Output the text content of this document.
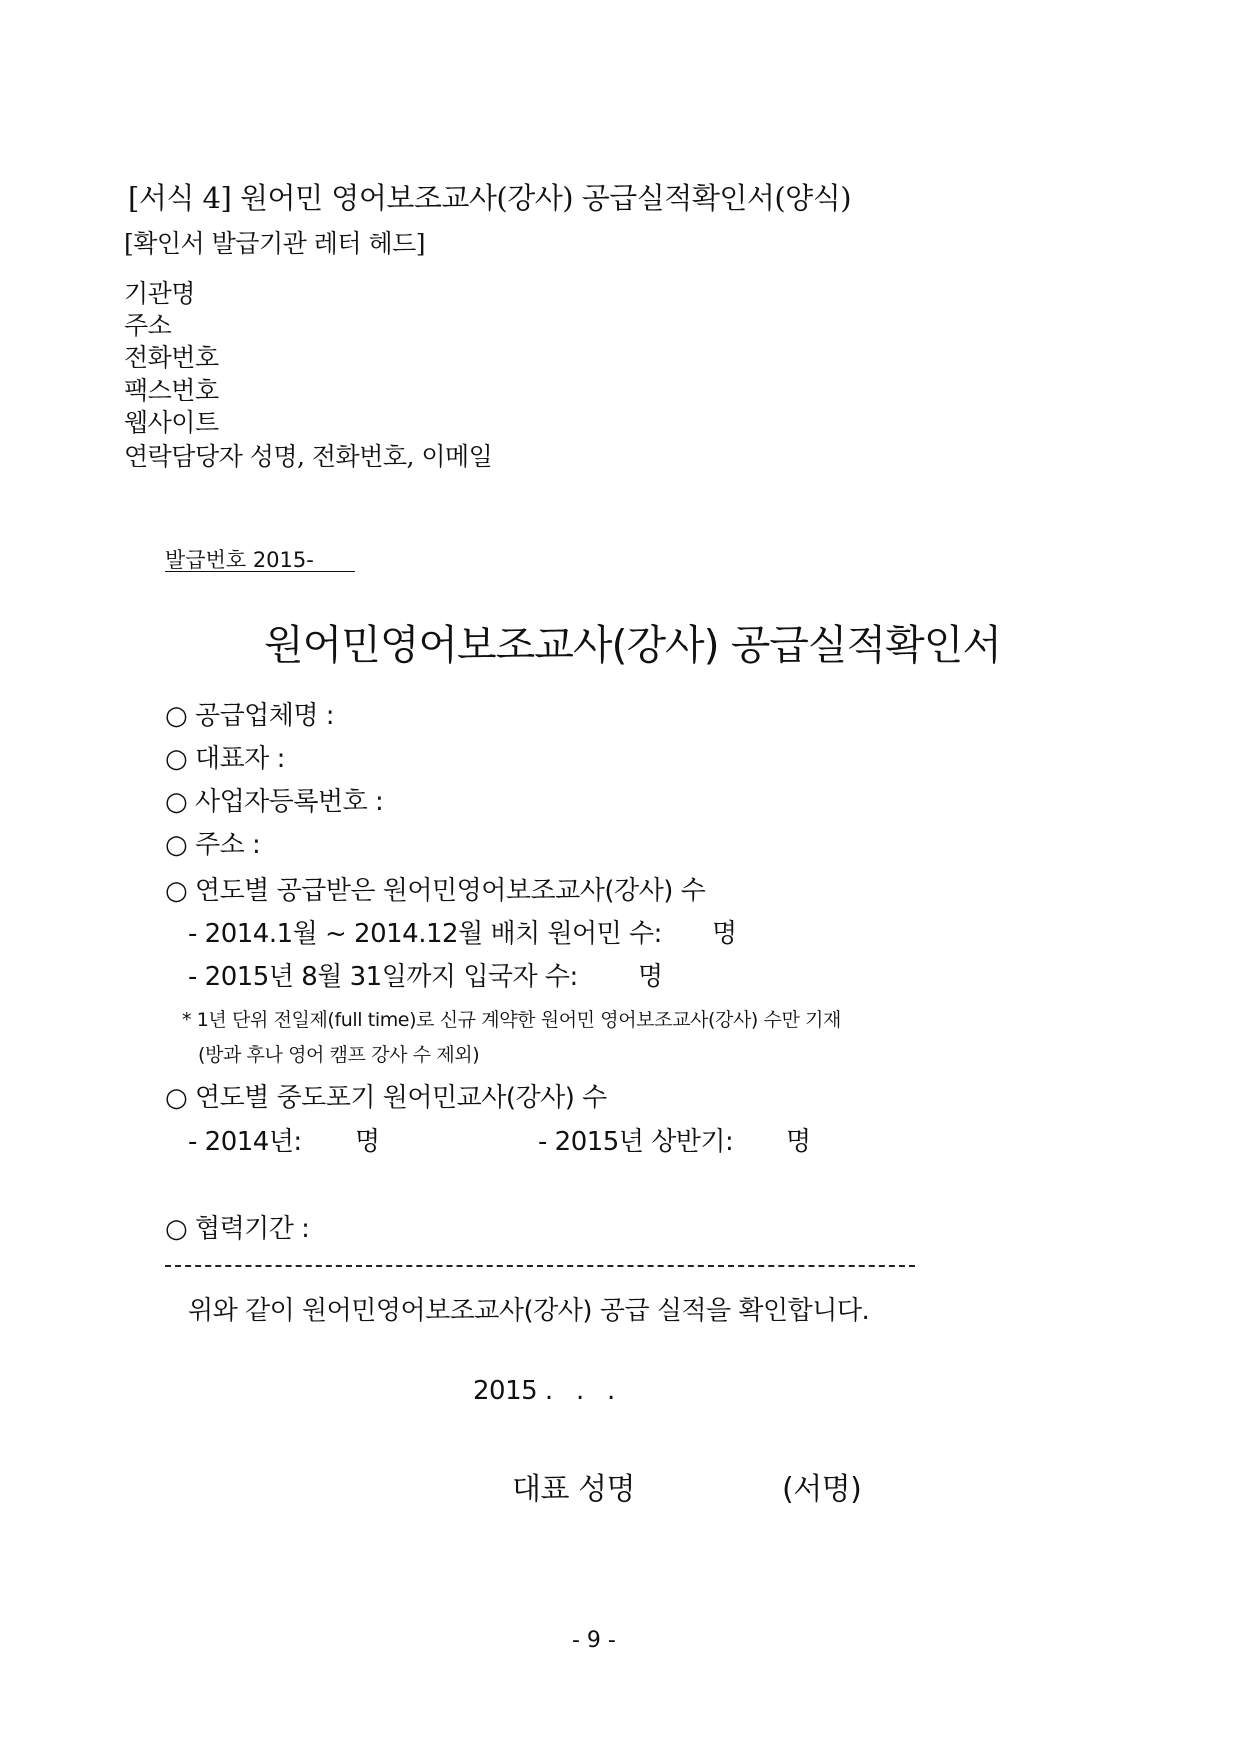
[서식 4] 원어민 영어보조교사(강사) 공급실적확인서(양식)
[확인서 발급기관 레터 헤드]
기관명
주소
전화번호
팩스번호
웹사이트
연락담당자 성명, 전화번호, 이메일
발급번호 2015-
원어민영어보조교사(강사) 공급실적확인서
○ 공급업체명 :
○ 대표자 :
○ 사업자등록번호 :
○ 주소 :
○ 연도별 공급받은 원어민영어보조교사(강사) 수
- 2014.1월 ~ 2014.12월 배치 원어민 수: 명
- 2015년 8월 31일까지 입국자 수: 명
* 1년 단위 전일제(full time)로 신규 계약한 원어민 영어보조교사(강사) 수만 기재
(방과 후나 영어 캠프 강사 수 제외)
○ 연도별 중도포기 원어민교사(강사) 수
- 2014년: 명	- 2015년 상반기: 명
○ 협력기간 :
위와 같이 원어민영어보조교사(강사) 공급 실적을 확인합니다.
2015 .   .   .
대표 성명	(서명)
- 9 -
